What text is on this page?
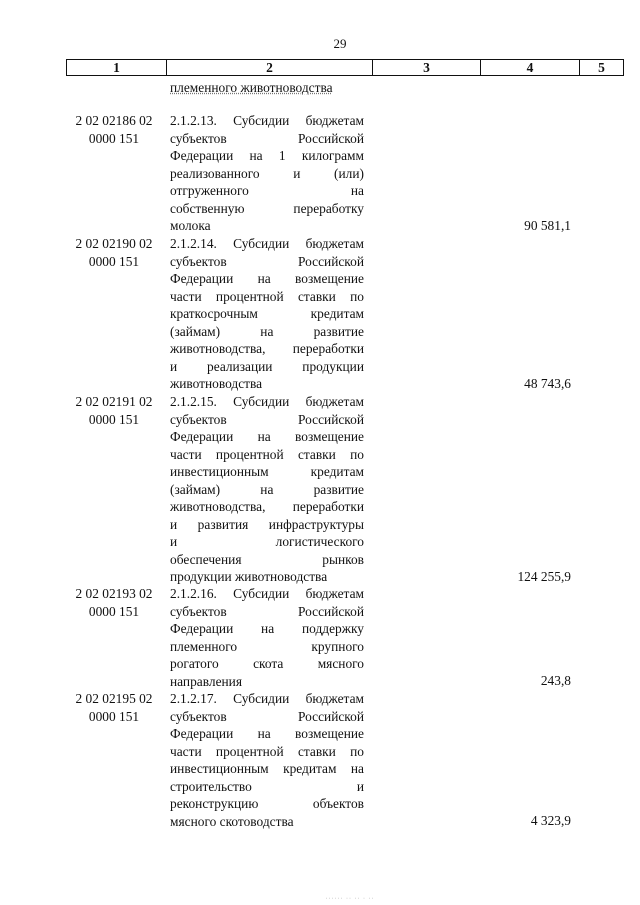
29
1	2	3	4	5
племенного животноводства
2 02 02186 02
0000 151
2.1.2.13. Субсидии бюджетам
субъектов Российской
Федерации на 1 килограмм
реализованного и (или)
отгруженного на
собственную переработку
молока	90 581,1
2 02 02190 02
0000 151
2.1.2.14. Субсидии бюджетам
субъектов Российской
Федерации на возмещение
части процентной ставки по
краткосрочным кредитам
(займам) на развитие
животноводства, переработки
и реализации продукции
животноводства	48 743,6
2 02 02191 02
0000 151
2.1.2.15. Субсидии бюджетам
субъектов Российской
Федерации на возмещение
части процентной ставки по
инвестиционным кредитам
(займам) на развитие
животноводства, переработки
и развития инфраструктуры
и логистического
обеспечения рынков
продукции животноводства	124 255,9
2 02 02193 02
0000 151
2.1.2.16. Субсидии бюджетам
субъектов Российской
Федерации на поддержку
племенного крупного
рогатого скота мясного
направления	243,8
2 02 02195 02
0000 151
2.1.2.17. Субсидии бюджетам
субъектов Российской
Федерации на возмещение
части процентной ставки по
инвестиционным кредитам на
строительство и
реконструкцию объектов
мясного скотоводства	4 323,9
······ ·· ·· · ··
